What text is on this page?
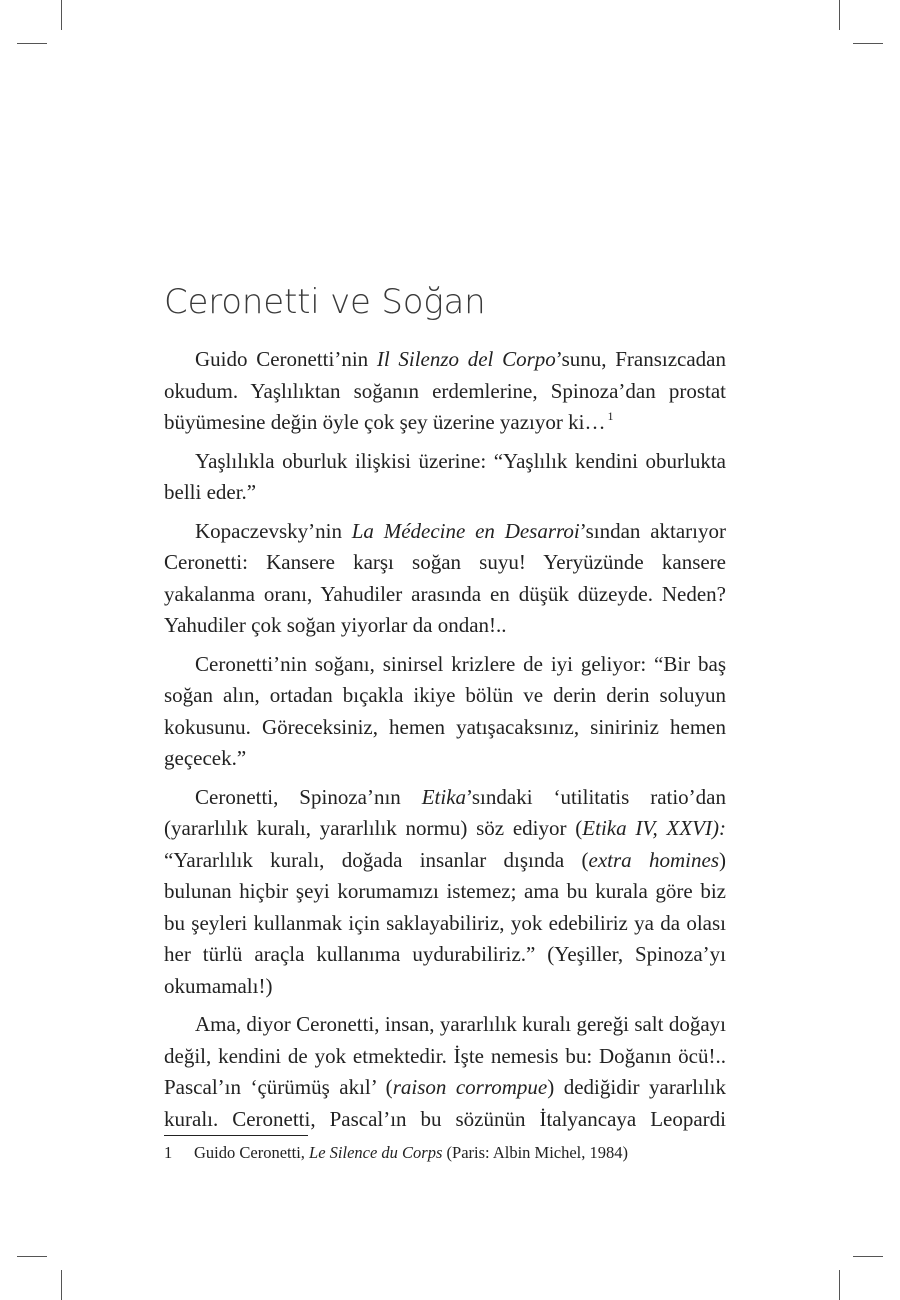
Ceronetti ve Soğan

Guido Ceronetti’nin Il Silenzo del Corpo’sunu, Fransızcadan okudum. Yaşlılıktan soğanın erdemlerine, Spinoza’dan prostat büyümesine değin öyle çok şey üzerine yazıyor ki… $^1$

Yaşlılıkla oburluk ilişkisi üzerine: “Yaşlılık kendini oburlukta belli eder.”

Kopaczevsky’nin La Médecine en Desarroi’sından aktarıyor Ceronetti: Kansere karşı soğan suyu! Yeryüzünde kansere yakalanma oranı, Yahudiler arasında en düşük düzeyde. Neden? Yahudiler çok soğan yiyorlar da ondan!..

Ceronetti’nin soğanı, sinirsel krizlere de iyi geliyor: “Bir baş soğan alın, ortadan bıçakla ikiye bölün ve derin derin soluyun kokusunu. Göreceksiniz, hemen yatışacaksınız, siniriniz hemen geçecek.”

Ceronetti, Spinoza’nın Etika’sındaki ‘utilitatis ratio’dan (yararlılık kuralı, yararlılık normu) söz ediyor (Etika IV, XXVI): “Yararlılık kuralı, doğada insanlar dışında (extra homines) bulunan hiçbir şeyi korumamızı istemez; ama bu kurala göre biz bu şeyleri kullanmak için saklayabiliriz, yok edebiliriz ya da olası her türlü araçla kullanıma uydurabiliriz.” (Yeşiller, Spinoza’yı okumamalı!)

Ama, diyor Ceronetti, insan, yararlılık kuralı gereği salt doğayı değil, kendini de yok etmektedir. İşte nemesis bu: Doğanın öcü!.. Pascal’ın ‘çürümüş akıl’ (raison corrompue) dediğidir yararlılık kuralı. Ceronetti, Pascal’ın bu sözünün İtalyancaya Leopardi

1 Guido Ceronetti, Le Silence du Corps (Paris: Albin Michel, 1984)
